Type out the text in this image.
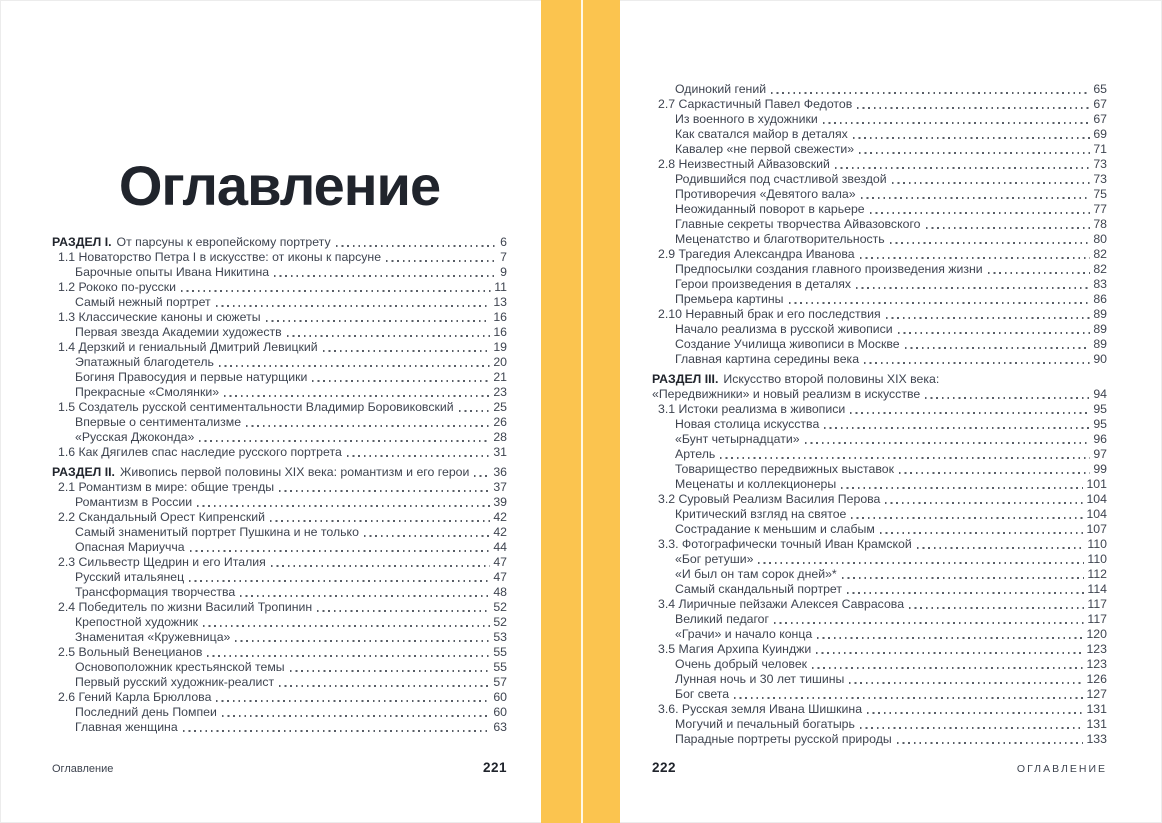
Оглавление
РАЗДЕЛ I. От парсуны к европейскому портрету	6
1.1 Новаторство Петра I в искусстве: от иконы к парсуне	7
Барочные опыты Ивана Никитина	9
1.2 Рококо по-русски	11
Самый нежный портрет	13
1.3 Классические каноны и сюжеты	16
Первая звезда Академии художеств	16
1.4 Дерзкий и гениальный Дмитрий Левицкий	19
Эпатажный благодетель	20
Богиня Правосудия и первые натурщики	21
Прекрасные «Смолянки»	23
1.5 Создатель русской сентиментальности Владимир Боровиковский	25
Впервые о сентиментализме	26
«Русская Джоконда»	28
1.6 Как Дягилев спас наследие русского портрета	31
РАЗДЕЛ II. Живопись первой половины XIX века: романтизм и его герои 36
2.1 Романтизм в мире: общие тренды	37
Романтизм в России	39
2.2 Скандальный Орест Кипренский	42
Самый знаменитый портрет Пушкина и не только	42
Опасная Мариучча	44
2.3 Сильвестр Щедрин и его Италия	47
Русский итальянец	47
Трансформация творчества	48
2.4 Победитель по жизни Василий Тропинин	52
Крепостной художник	52
Знаменитая «Кружевница»	53
2.5 Вольный Венецианов	55
Основоположник крестьянской темы	55
Первый русский художник-реалист	57
2.6 Гений Карла Брюллова	60
Последний день Помпеи	60
Главная женщина	63
Оглавление	221
Одинокий гений	65
2.7 Саркастичный Павел Федотов	67
Из военного в художники	67
Как сватался майор в деталях	69
Кавалер «не первой свежести»	71
2.8 Неизвестный Айвазовский	73
Родившийся под счастливой звездой	73
Противоречия «Девятого вала»	75
Неожиданный поворот в карьере	77
Главные секреты творчества Айвазовского	78
Меценатство и благотворительность	80
2.9 Трагедия Александра Иванова	82
Предпосылки создания главного произведения жизни	82
Герои произведения в деталях	83
Премьера картины	86
2.10 Неравный брак и его последствия	89
Начало реализма в русской живописи	89
Создание Училища живописи в Москве	89
Главная картина середины века	90
РАЗДЕЛ III. Искусство второй половины XIX века:
«Передвижники» и новый реализм в искусстве	94
3.1 Истоки реализма в живописи	95
Новая столица искусства	95
«Бунт четырнадцати»	96
Артель	97
Товарищество передвижных выставок	99
Меценаты и коллекционеры	101
3.2 Суровый Реализм Василия Перова	104
Критический взгляд на святое	104
Сострадание к меньшим и слабым	107
3.3. Фотографически точный Иван Крамской	110
«Бог ретуши»	110
«И был он там сорок дней»*	112
Самый скандальный портрет	114
3.4 Лиричные пейзажи Алексея Саврасова	117
Великий педагог	117
«Грачи» и начало конца	120
3.5 Магия Архипа Куинджи	123
Очень добрый человек	123
Лунная ночь и 30 лет тишины	126
Бог света	127
3.6. Русская земля Ивана Шишкина	131
Могучий и печальный богатырь	131
Парадные портреты русской природы	133
222	ОГЛАВЛЕНИЕ
